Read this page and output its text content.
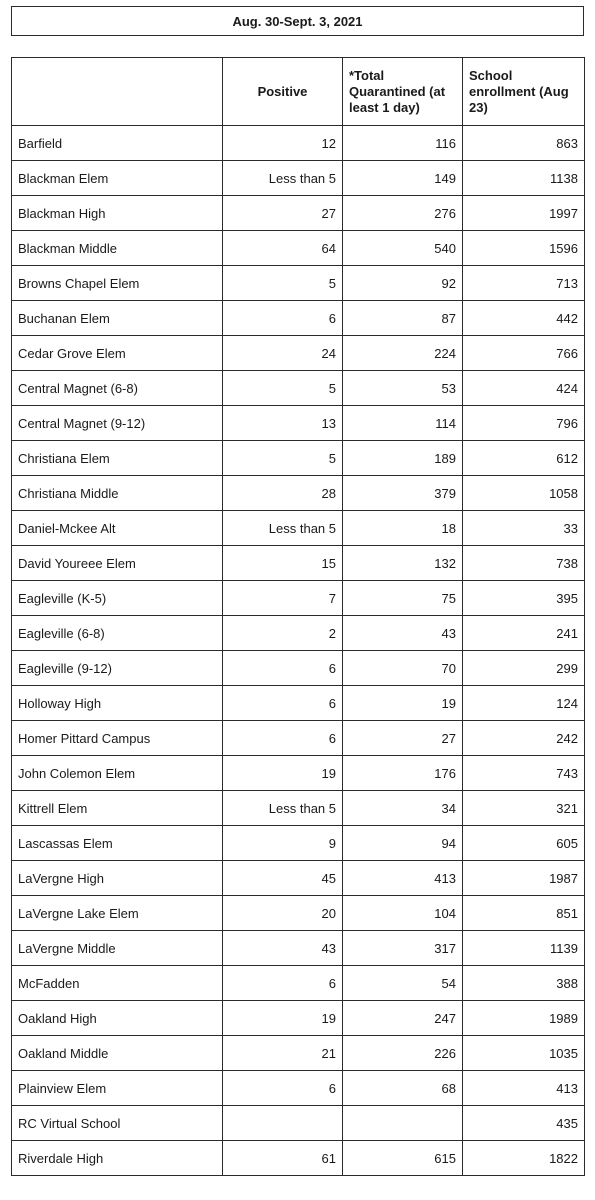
Aug. 30-Sept. 3, 2021
	Positive	*Total Quarantined (at least 1 day)	School enrollment (Aug 23)
Barfield	12	116	863
Blackman Elem	Less than 5	149	1138
Blackman High	27	276	1997
Blackman Middle	64	540	1596
Browns Chapel Elem	5	92	713
Buchanan Elem	6	87	442
Cedar Grove Elem	24	224	766
Central Magnet (6-8)	5	53	424
Central Magnet (9-12)	13	114	796
Christiana Elem	5	189	612
Christiana Middle	28	379	1058
Daniel-Mckee Alt	Less than 5	18	33
David Youreee Elem	15	132	738
Eagleville (K-5)	7	75	395
Eagleville (6-8)	2	43	241
Eagleville (9-12)	6	70	299
Holloway High	6	19	124
Homer Pittard Campus	6	27	242
John Colemon Elem	19	176	743
Kittrell Elem	Less than 5	34	321
Lascassas Elem	9	94	605
LaVergne High	45	413	1987
LaVergne Lake Elem	20	104	851
LaVergne Middle	43	317	1139
McFadden	6	54	388
Oakland High	19	247	1989
Oakland Middle	21	226	1035
Plainview Elem	6	68	413
RC Virtual School			435
Riverdale High	61	615	1822
